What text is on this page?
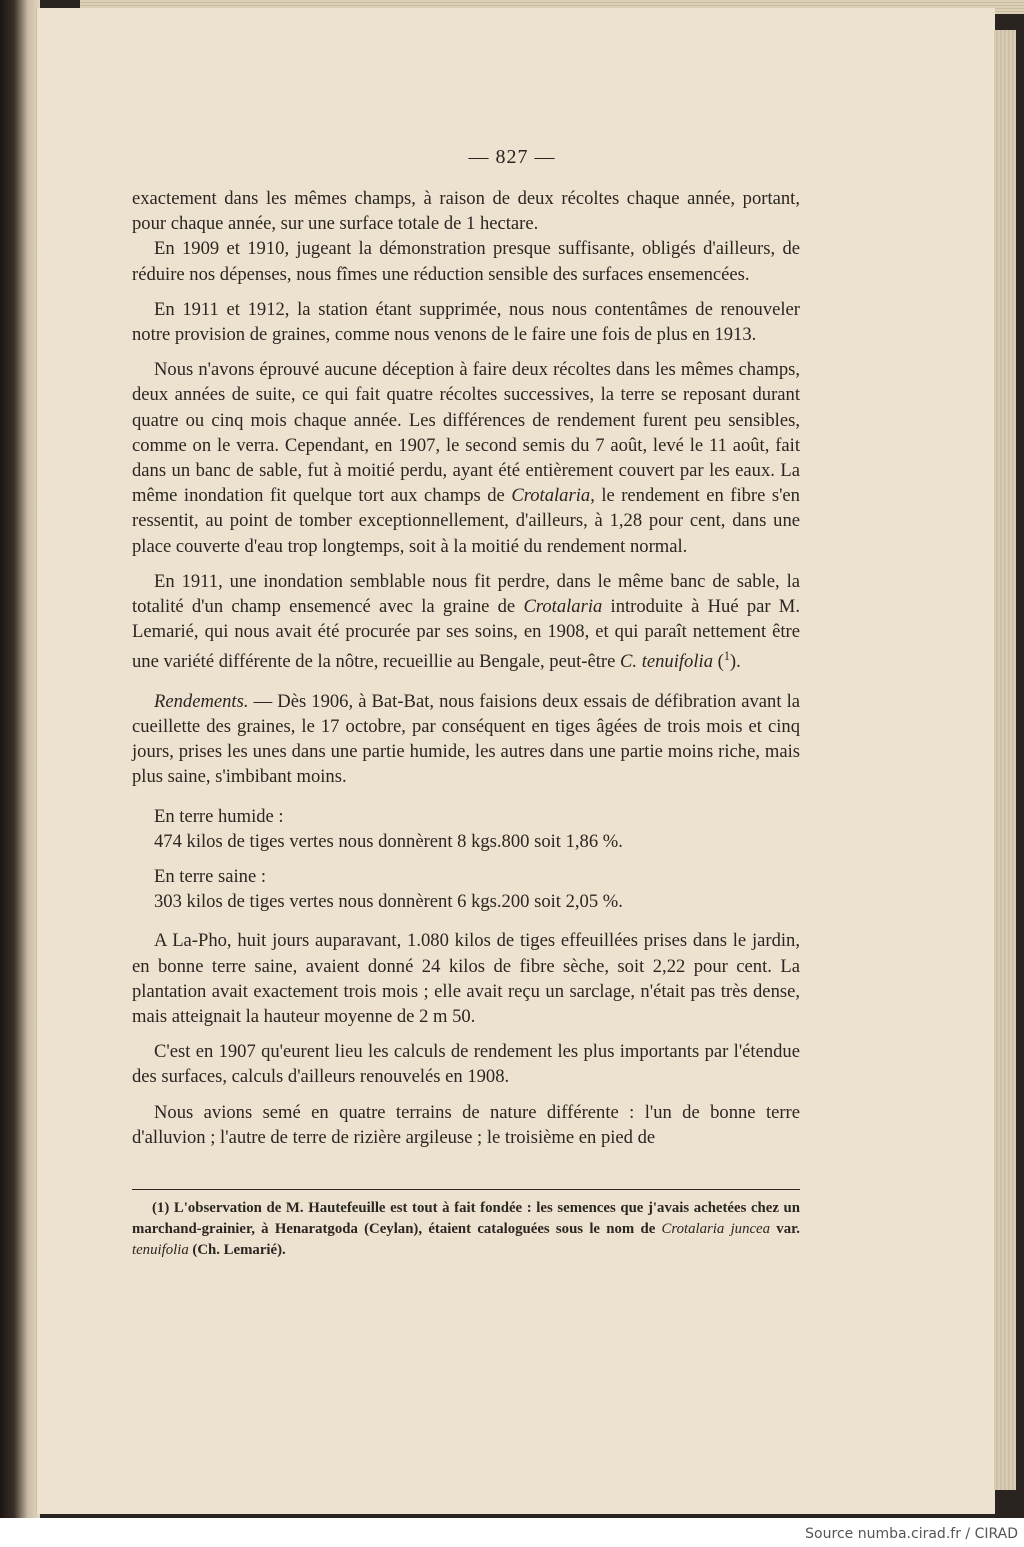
— 827 —

exactement dans les mêmes champs, à raison de deux récoltes chaque année, portant, pour chaque année, sur une surface totale de 1 hectare.

En 1909 et 1910, jugeant la démonstration presque suffisante, obligés d'ailleurs, de réduire nos dépenses, nous fîmes une réduction sensible des surfaces ensemencées.

En 1911 et 1912, la station étant supprimée, nous nous contentâmes de renouveler notre provision de graines, comme nous venons de le faire une fois de plus en 1913.

Nous n'avons éprouvé aucune déception à faire deux récoltes dans les mêmes champs, deux années de suite, ce qui fait quatre récoltes successives, la terre se reposant durant quatre ou cinq mois chaque année. Les différences de rendement furent peu sensibles, comme on le verra. Cependant, en 1907, le second semis du 7 août, levé le 11 août, fait dans un banc de sable, fut à moitié perdu, ayant été entièrement couvert par les eaux. La même inondation fit quelque tort aux champs de Crotalaria, le rendement en fibre s'en ressentit, au point de tomber exceptionnellement, d'ailleurs, à 1,28 pour cent, dans une place couverte d'eau trop longtemps, soit à la moitié du rendement normal.

En 1911, une inondation semblable nous fit perdre, dans le même banc de sable, la totalité d'un champ ensemencé avec la graine de Crotalaria introduite à Hué par M. Lemarié, qui nous avait été procurée par ses soins, en 1908, et qui paraît nettement être une variété différente de la nôtre, recueillie au Bengale, peut-être C. tenuifolia ($^1$).

Rendements. — Dès 1906, à Bat-Bat, nous faisions deux essais de défibration avant la cueillette des graines, le 17 octobre, par conséquent en tiges âgées de trois mois et cinq jours, prises les unes dans une partie humide, les autres dans une partie moins riche, mais plus saine, s'imbibant moins.

En terre humide :

474 kilos de tiges vertes nous donnèrent 8 kgs.800 soit 1,86 %.

En terre saine :

303 kilos de tiges vertes nous donnèrent 6 kgs.200 soit 2,05 %.

A La-Pho, huit jours auparavant, 1.080 kilos de tiges effeuillées prises dans le jardin, en bonne terre saine, avaient donné 24 kilos de fibre sèche, soit 2,22 pour cent. La plantation avait exactement trois mois ; elle avait reçu un sarclage, n'était pas très dense, mais atteignait la hauteur moyenne de 2 m 50.

C'est en 1907 qu'eurent lieu les calculs de rendement les plus importants par l'étendue des surfaces, calculs d'ailleurs renouvelés en 1908.

Nous avions semé en quatre terrains de nature différente : l'un de bonne terre d'alluvion ; l'autre de terre de rizière argileuse ; le troisième en pied de

(1) L'observation de M. Hautefeuille est tout à fait fondée : les semences que j'avais achetées chez un marchand-grainier, à Henaratgoda (Ceylan), étaient cataloguées sous le nom de Crotalaria juncea var. tenuifolia (Ch. Lemarié).
Source numba.cirad.fr / CIRAD
